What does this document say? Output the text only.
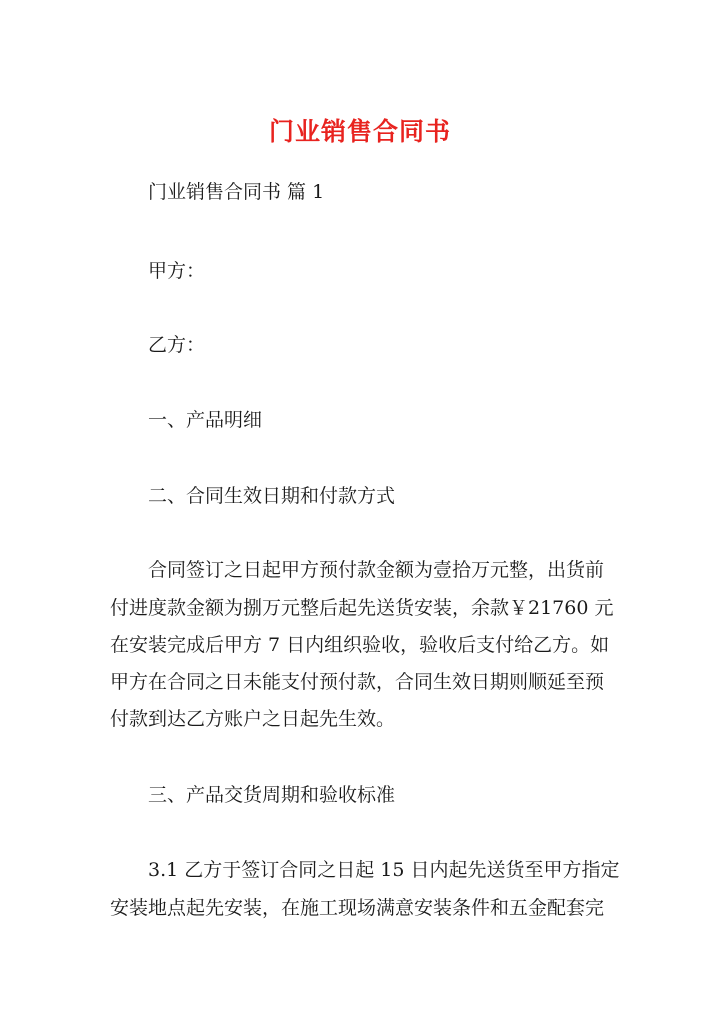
门业销售合同书
门业销售合同书 篇 1
甲方：
乙方：
一、产品明细
二、合同生效日期和付款方式
合同签订之日起甲方预付款金额为壹拾万元整，出货前
付进度款金额为捌万元整后起先送货安装，余款￥21760 元
在安装完成后甲方 7 日内组织验收，验收后支付给乙方。如
甲方在合同之日未能支付预付款，合同生效日期则顺延至预
付款到达乙方账户之日起先生效。
三、产品交货周期和验收标准
3.1 乙方于签订合同之日起 15 日内起先送货至甲方指定
安装地点起先安装，在施工现场满意安装条件和五金配套完
